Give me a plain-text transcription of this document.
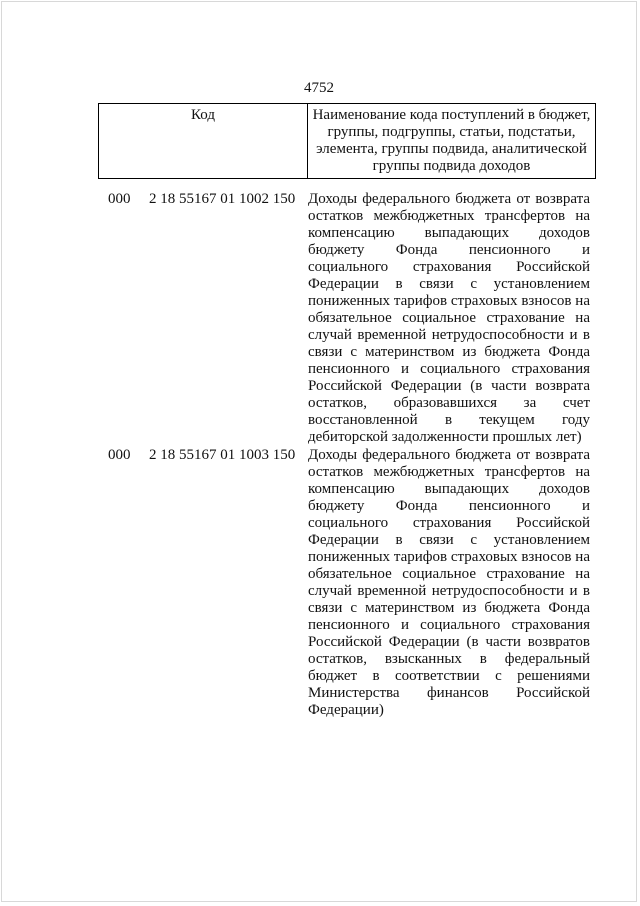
4752
Код	Наименование кода поступлений в бюджет, группы, подгруппы, статьи, подстатьи, элемента, группы подвида, аналитической группы подвида доходов
000 2 18 55167 01 1002 150 Доходы федерального бюджета от возврата остатков межбюджетных трансфертов на компенсацию выпадающих доходов бюджету Фонда пенсионного и социального страхования Российской Федерации в связи с установлением пониженных тарифов страховых взносов на обязательное социальное страхование на случай временной нетрудоспособности и в связи с материнством из бюджета Фонда пенсионного и социального страхования Российской Федерации (в части возврата остатков, образовавшихся за счет восстановленной в текущем году дебиторской задолженности прошлых лет)
000 2 18 55167 01 1003 150 Доходы федерального бюджета от возврата остатков межбюджетных трансфертов на компенсацию выпадающих доходов бюджету Фонда пенсионного и социального страхования Российской Федерации в связи с установлением пониженных тарифов страховых взносов на обязательное социальное страхование на случай временной нетрудоспособности и в связи с материнством из бюджета Фонда пенсионного и социального страхования Российской Федерации (в части возвратов остатков, взысканных в федеральный бюджет в соответствии с решениями Министерства финансов Российской Федерации)
